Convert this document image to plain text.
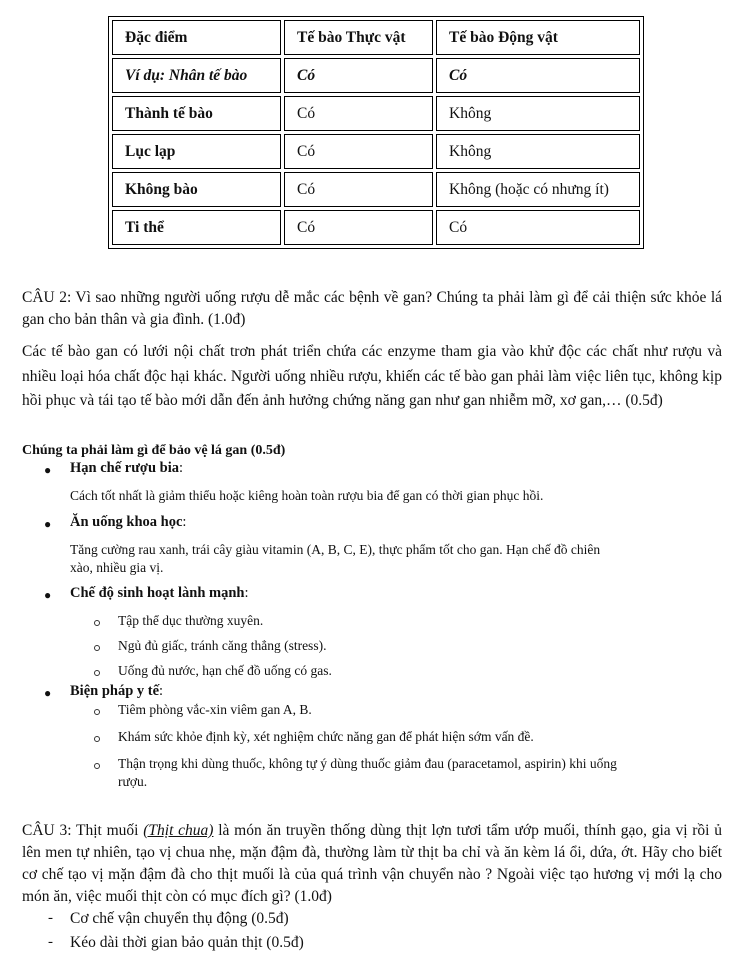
Đặc điểm	Tế bào Thực vật	Tế bào Động vật
Ví dụ: Nhân tế bào	Có	Có
Thành tế bào	Có	Không
Lục lạp	Có	Không
Không bào	Có	Không (hoặc có nhưng ít)
Ti thể	Có	Có

CÂU 2: Vì sao những người uống rượu dễ mắc các bệnh về gan? Chúng ta phải làm gì để cải thiện sức khỏe lá gan cho bản thân và gia đình. (1.0đ)

Các tế bào gan có lưới nội chất trơn phát triển chứa các enzyme tham gia vào khử độc các chất như rượu và nhiều loại hóa chất độc hại khác. Người uống nhiều rượu, khiến các tế bào gan phải làm việc liên tục, không kịp hồi phục và tái tạo tế bào mới dẫn đến ảnh hưởng chứng năng gan như gan nhiễm mỡ, xơ gan,… (0.5đ)

Chúng ta phải làm gì để bảo vệ lá gan (0.5đ)

● Hạn chế rượu bia:

Cách tốt nhất là giảm thiểu hoặc kiêng hoàn toàn rượu bia để gan có thời gian phục hồi.

● Ăn uống khoa học:

Tăng cường rau xanh, trái cây giàu vitamin (A, B, C, E), thực phẩm tốt cho gan. Hạn chế đồ chiên

xào, nhiều gia vị.

● Chế độ sinh hoạt lành mạnh:

Tập thể dục thường xuyên.

Ngủ đủ giấc, tránh căng thẳng (stress).

Uống đủ nước, hạn chế đồ uống có gas.

● Biện pháp y tế:

Tiêm phòng vắc-xin viêm gan A, B.

Khám sức khỏe định kỳ, xét nghiệm chức năng gan để phát hiện sớm vấn đề.

Thận trọng khi dùng thuốc, không tự ý dùng thuốc giảm đau (paracetamol, aspirin) khi uống

rượu.

CÂU 3: Thịt muối (Thịt chua) là món ăn truyền thống dùng thịt lợn tươi tẩm ướp muối, thính gạo, gia vị rồi ủ lên men tự nhiên, tạo vị chua nhẹ, mặn đậm đà, thường làm từ thịt ba chỉ và ăn kèm lá ổi, dứa, ớt. Hãy cho biết cơ chế tạo vị mặn đậm đà cho thịt muối là của quá trình vận chuyển nào ? Ngoài việc tạo hương vị mới lạ cho món ăn, việc muối thịt còn có mục đích gì? (1.0đ)

- Cơ chế vận chuyển thụ động (0.5đ)

- Kéo dài thời gian bảo quản thịt (0.5đ)
